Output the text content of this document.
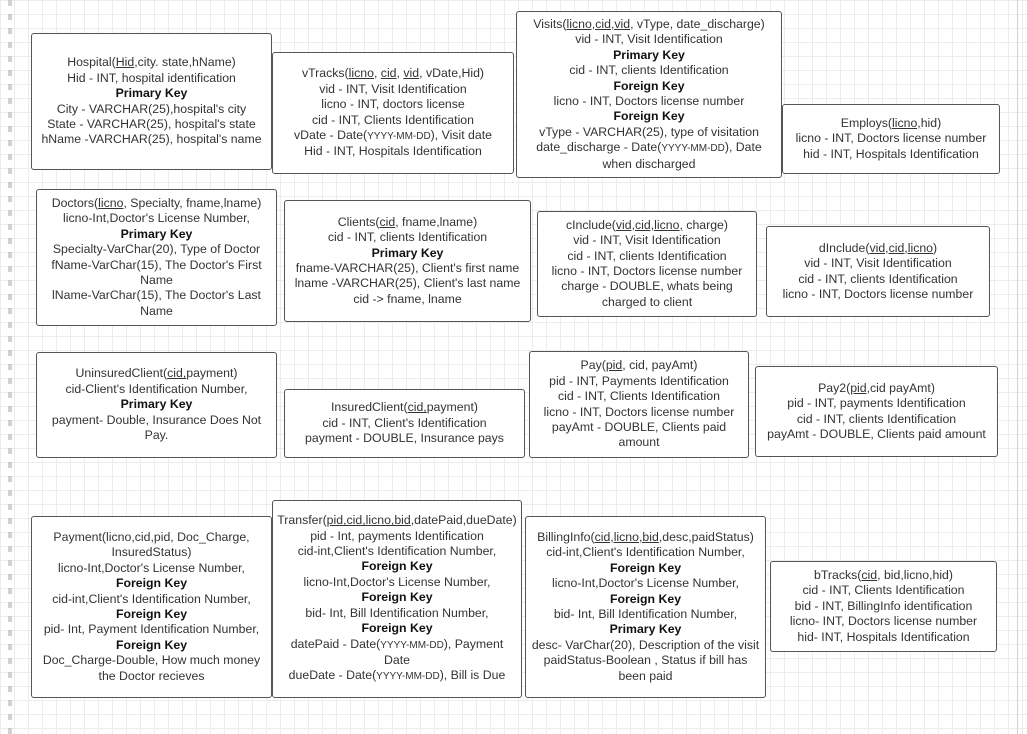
Hospital(Hid,city. state,hName)
Hid - INT, hospital identification
Primary Key
City - VARCHAR(25),hospital's city
State - VARCHAR(25), hospital's state
hName -VARCHAR(25), hospital's name
vTracks(licno, cid, vid, vDate,Hid)
vid - INT, Visit Identification
licno - INT, doctors license
cid - INT, Clients Identification
vDate - Date(YYYY-MM-DD), Visit date
Hid - INT, Hospitals Identification
Visits(licno,cid,vid, vType, date_discharge)
vid - INT, Visit Identification
Primary Key
cid - INT, clients Identification
Foreign Key
licno - INT, Doctors license number
Foreign Key
vType - VARCHAR(25), type of visitation
date_discharge - Date(YYYY-MM-DD), Date when discharged
Employs(licno,hid)
licno - INT, Doctors license number
hid - INT, Hospitals Identification
Doctors(licno, Specialty, fname,lname)
licno-Int,Doctor's License Number,
Primary Key
Specialty-VarChar(20), Type of Doctor
fName-VarChar(15), The Doctor's First Name
lName-VarChar(15), The Doctor's Last Name
Clients(cid, fname,lname)
cid - INT, clients Identification
Primary Key
fname-VARCHAR(25), Client's first name
lname -VARCHAR(25), Client's last name
cid -> fname, lname
cInclude(vid,cid,licno, charge)
vid - INT, Visit Identification
cid - INT, clients Identification
licno - INT, Doctors license number
charge - DOUBLE, whats being charged to client
dInclude(vid,cid,licno)
vid - INT, Visit Identification
cid - INT, clients Identification
licno - INT, Doctors license number
UninsuredClient(cid,payment)
cid-Client's Identification Number,
Primary Key
payment- Double, Insurance Does Not Pay.
InsuredClient(cid,payment)
cid - INT, Client's Identification
payment - DOUBLE, Insurance pays
Pay(pid, cid, payAmt)
pid - INT, Payments Identification
cid - INT, Clients Identification
licno - INT, Doctors license number
payAmt - DOUBLE, Clients paid amount
Pay2(pid,cid payAmt)
pid - INT, payments Identification
cid - INT, clients Identification
payAmt - DOUBLE, Clients paid amount
Payment(licno,cid,pid, Doc_Charge, InsuredStatus)
licno-Int,Doctor's License Number,
Foreign Key
cid-int,Client's Identification Number,
Foreign Key
pid- Int, Payment Identification Number,
Foreign Key
Doc_Charge-Double, How much money the Doctor recieves
Transfer(pid,cid,licno,bid,datePaid,dueDate)
pid - Int, payments Identification
cid-int,Client's Identification Number,
Foreign Key
licno-Int,Doctor's License Number,
Foreign Key
bid- Int, Bill Identification Number,
Foreign Key
datePaid - Date(YYYY-MM-DD), Payment Date
dueDate - Date(YYYY-MM-DD), Bill is Due
BillingInfo(cid,licno,bid,desc,paidStatus)
cid-int,Client's Identification Number,
Foreign Key
licno-Int,Doctor's License Number,
Foreign Key
bid- Int, Bill Identification Number,
Primary Key
desc- VarChar(20), Description of the visit
paidStatus-Boolean , Status if bill has been paid
bTracks(cid, bid,licno,hid)
cid - INT, Clients Identification
bid - INT, BillingInfo identification
licno- INT, Doctors license number
hid- INT, Hospitals Identification
